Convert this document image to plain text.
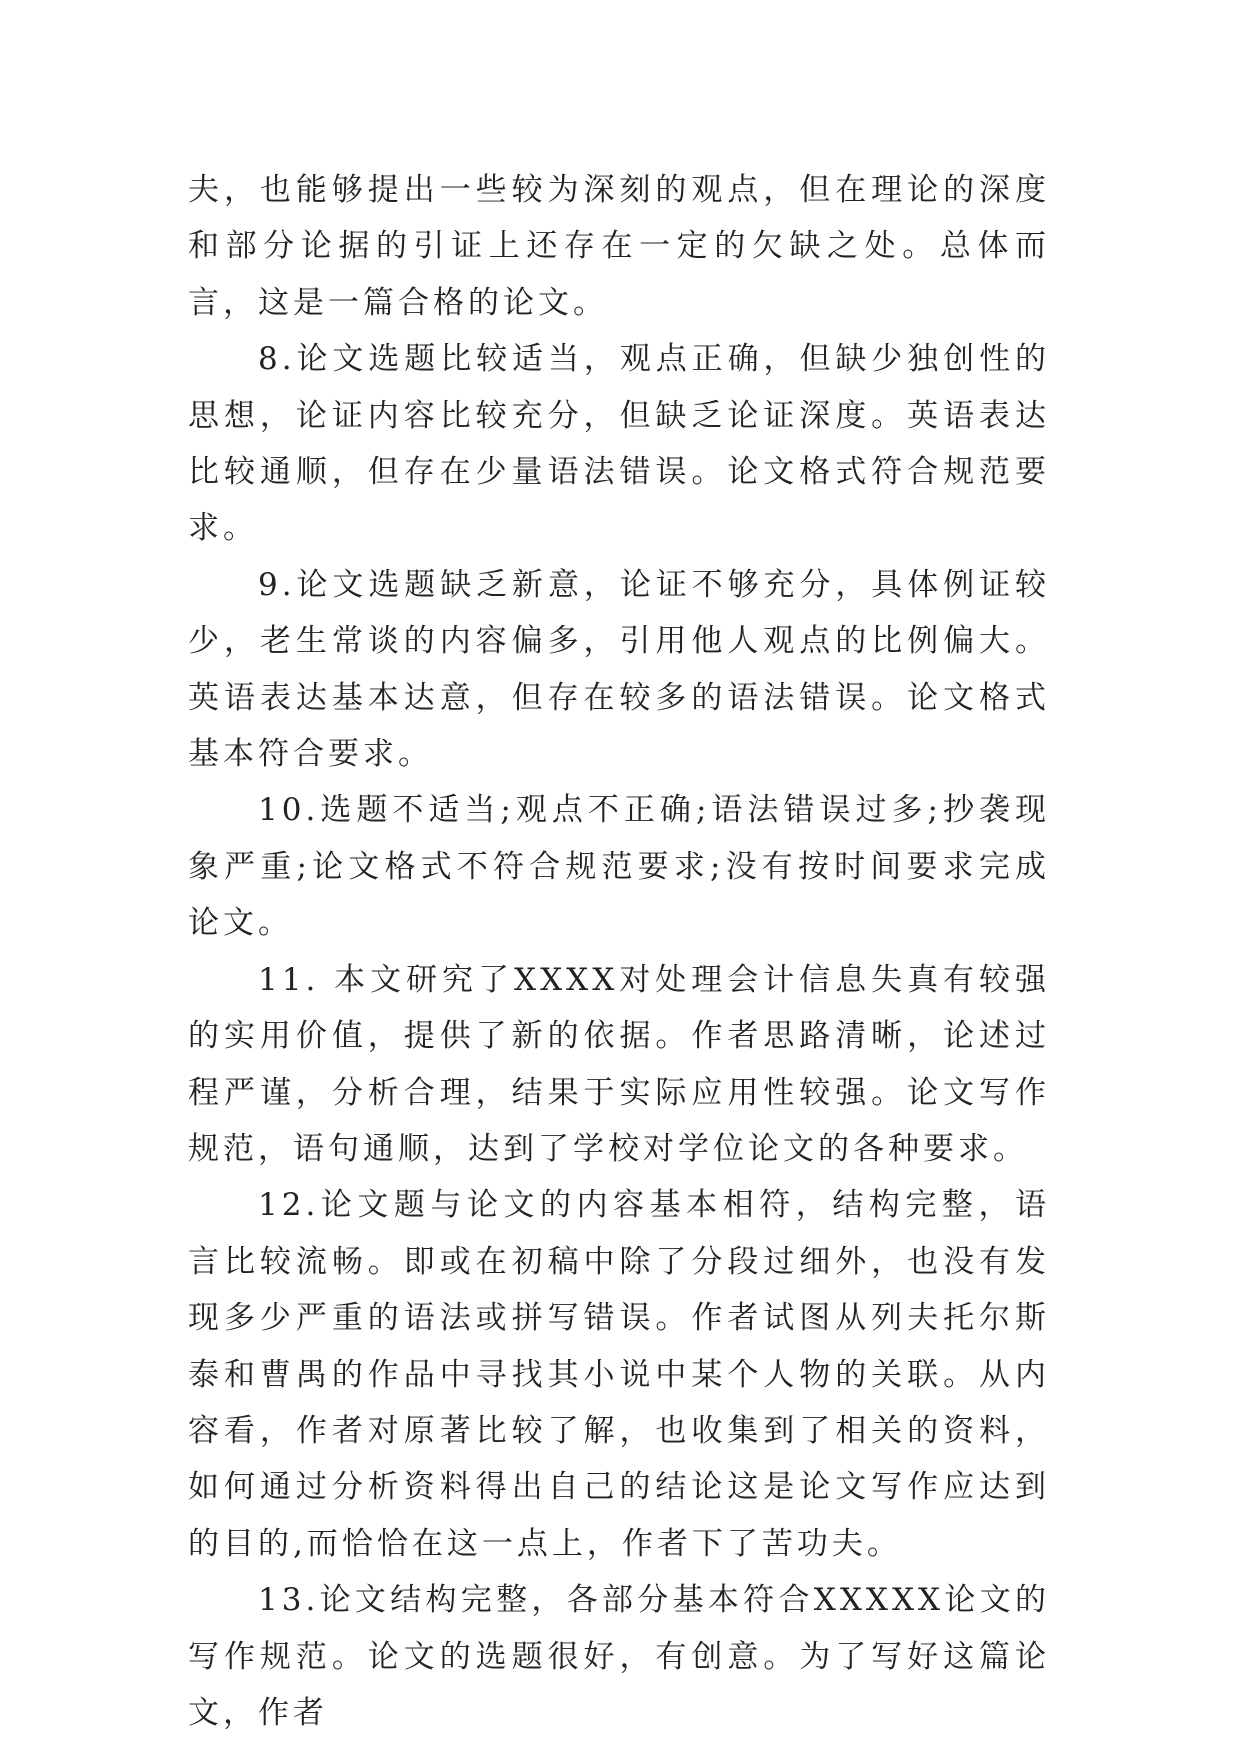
夫，也能够提出一些较为深刻的观点，但在理论的深度和部分论据的引证上还存在一定的欠缺之处。总体而言，这是一篇合格的论文。

8.论文选题比较适当，观点正确，但缺少独创性的思想，论证内容比较充分，但缺乏论证深度。英语表达比较通顺，但存在少量语法错误。论文格式符合规范要求。

9.论文选题缺乏新意，论证不够充分，具体例证较少，老生常谈的内容偏多，引用他人观点的比例偏大。英语表达基本达意，但存在较多的语法错误。论文格式基本符合要求。

10.选题不适当;观点不正确;语法错误过多;抄袭现象严重;论文格式不符合规范要求;没有按时间要求完成论文。

11. 本文研究了XXXX对处理会计信息失真有较强的实用价值，提供了新的依据。作者思路清晰，论述过程严谨，分析合理，结果于实际应用性较强。论文写作规范，语句通顺，达到了学校对学位论文的各种要求。

12.论文题与论文的内容基本相符，结构完整，语言比较流畅。即或在初稿中除了分段过细外，也没有发现多少严重的语法或拼写错误。作者试图从列夫托尔斯泰和曹禺的作品中寻找其小说中某个人物的关联。从内容看，作者对原著比较了解，也收集到了相关的资料，如何通过分析资料得出自己的结论这是论文写作应达到的目的,而恰恰在这一点上，作者下了苦功夫。

13.论文结构完整，各部分基本符合XXXXX论文的写作规范。论文的选题很好，有创意。为了写好这篇论文，作者
